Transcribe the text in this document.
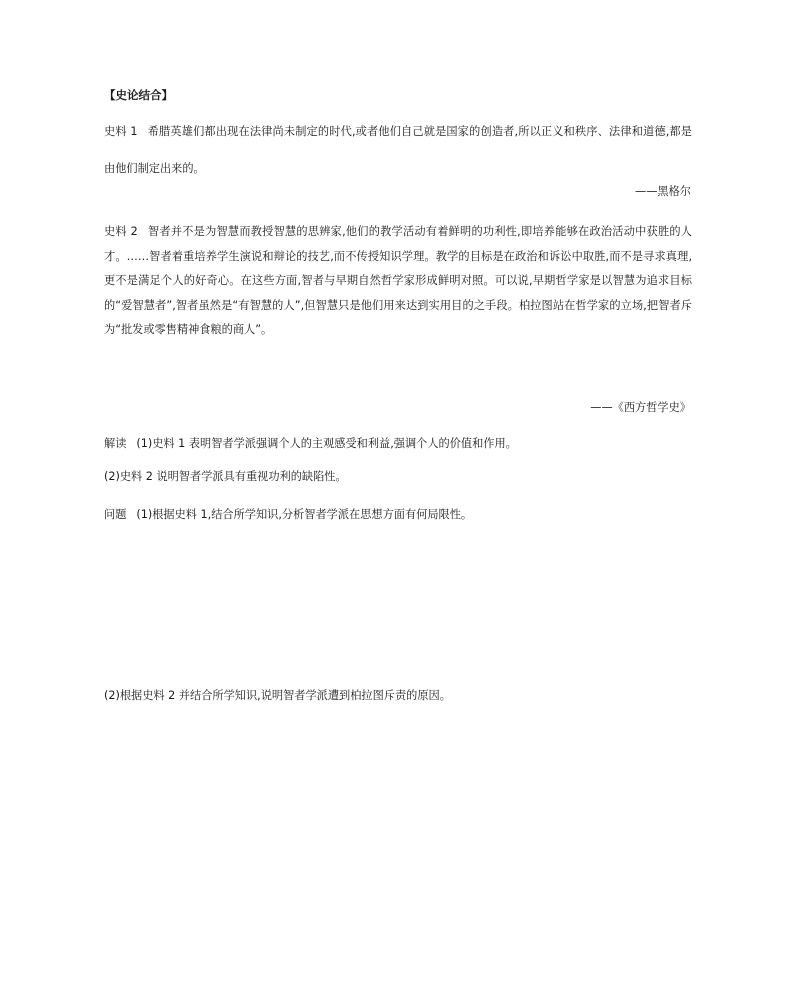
【史论结合】
史料 1 希腊英雄们都出现在法律尚未制定的时代,或者他们自己就是国家的创造者,所以正义和秩序、法律和道德,都是由他们制定出来的。
——黑格尔
史料 2 智者并不是为智慧而教授智慧的思辨家,他们的教学活动有着鲜明的功利性,即培养能够在政治活动中获胜的人才。……智者着重培养学生演说和辩论的技艺,而不传授知识学理。教学的目标是在政治和诉讼中取胜,而不是寻求真理,更不是满足个人的好奇心。在这些方面,智者与早期自然哲学家形成鲜明对照。可以说,早期哲学家是以智慧为追求目标的“爱智慧者”,智者虽然是“有智慧的人”,但智慧只是他们用来达到实用目的之手段。柏拉图站在哲学家的立场,把智者斥为“批发或零售精神食粮的商人”。
——《西方哲学史》
解读 (1)史料 1 表明智者学派强调个人的主观感受和利益,强调个人的价值和作用。
(2)史料 2 说明智者学派具有重视功利的缺陷性。
问题 (1)根据史料 1,结合所学知识,分析智者学派在思想方面有何局限性。
(2)根据史料 2 并结合所学知识,说明智者学派遭到柏拉图斥责的原因。
